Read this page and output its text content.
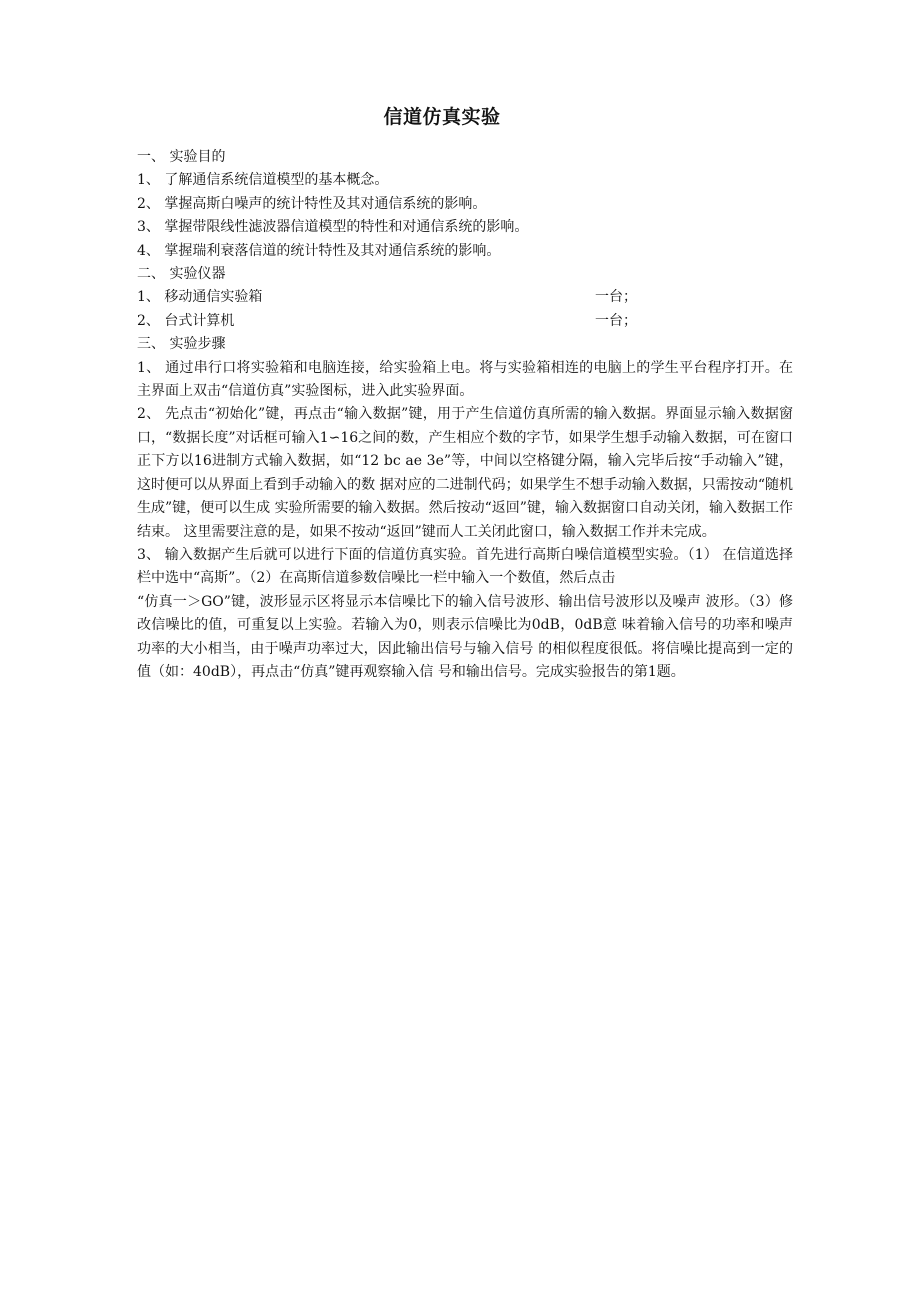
信道仿真实验

一、 实验目的

1、 了解通信系统信道模型的基本概念。

2、 掌握高斯白噪声的统计特性及其对通信系统的影响。

3、 掌握带限线性滤波器信道模型的特性和对通信系统的影响。

4、 掌握瑞利衰落信道的统计特性及其对通信系统的影响。

二、 实验仪器

1、 移动通信实验箱	一台；
2、 台式计算机	一台；

三、 实验步骤

1、 通过串行口将实验箱和电脑连接，给实验箱上电。将与实验箱相连的电脑上的学生平台程序打开。在主界面上双击“信道仿真”实验图标，进入此实验界面。

2、 先点击“初始化”键，再点击“输入数据”键，用于产生信道仿真所需的输入数据。界面显示输入数据窗口，“数据长度”对话框可输入1∽16之间的数，产生相应个数的字节，如果学生想手动输入数据，可在窗口正下方以16进制方式输入数据，如“12 bc ae 3e”等，中间以空格键分隔，输入完毕后按“手动输入”键，这时便可以从界面上看到手动输入的数 据对应的二进制代码；如果学生不想手动输入数据，只需按动“随机生成”键，便可以生成 实验所需要的输入数据。然后按动“返回”键，输入数据窗口自动关闭，输入数据工作结束。 这里需要注意的是，如果不按动“返回”键而人工关闭此窗口，输入数据工作并未完成。

3、 输入数据产生后就可以进行下面的信道仿真实验。首先进行高斯白噪信道模型实验。（1） 在信道选择栏中选中“高斯”。（2）在高斯信道参数信噪比一栏中输入一个数值，然后点击

“仿真一＞GO”键，波形显示区将显示本信噪比下的输入信号波形、输出信号波形以及噪声 波形。（3）修改信噪比的值，可重复以上实验。若输入为0，则表示信噪比为0dB，0dB意 味着输入信号的功率和噪声功率的大小相当，由于噪声功率过大，因此输出信号与输入信号 的相似程度很低。将信噪比提高到一定的值（如：40dB），再点击“仿真”键再观察输入信 号和输出信号。完成实验报告的第1题。
